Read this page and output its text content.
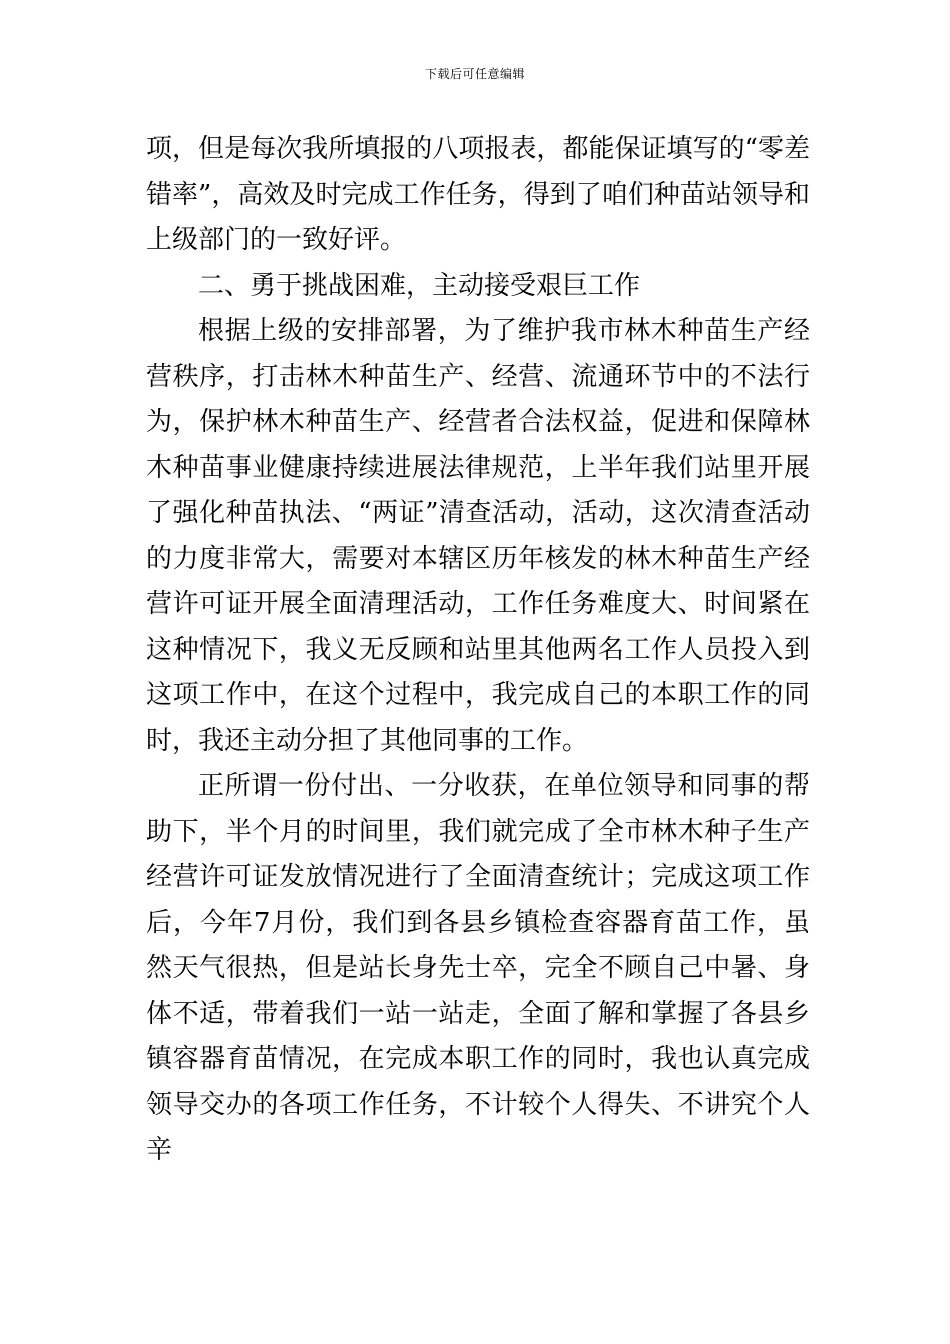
下载后可任意编辑

项，但是每次我所填报的八项报表，都能保证填写的“零差错率”，高效及时完成工作任务，得到了咱们种苗站领导和上级部门的一致好评。

二、勇于挑战困难，主动接受艰巨工作

根据上级的安排部署，为了维护我市林木种苗生产经营秩序，打击林木种苗生产、经营、流通环节中的不法行为，保护林木种苗生产、经营者合法权益，促进和保障林木种苗事业健康持续进展法律规范，上半年我们站里开展了强化种苗执法、“两证”清查活动，活动，这次清查活动的力度非常大，需要对本辖区历年核发的林木种苗生产经营许可证开展全面清理活动，工作任务难度大、时间紧在这种情况下，我义无反顾和站里其他两名工作人员投入到这项工作中，在这个过程中，我完成自己的本职工作的同时，我还主动分担了其他同事的工作。

正所谓一份付出、一分收获，在单位领导和同事的帮助下，半个月的时间里，我们就完成了全市林木种子生产经营许可证发放情况进行了全面清查统计；完成这项工作后，今年7月份，我们到各县乡镇检查容器育苗工作，虽然天气很热，但是站长身先士卒，完全不顾自己中暑、身体不适，带着我们一站一站走，全面了解和掌握了各县乡镇容器育苗情况，在完成本职工作的同时，我也认真完成领导交办的各项工作任务，不计较个人得失、不讲究个人辛
